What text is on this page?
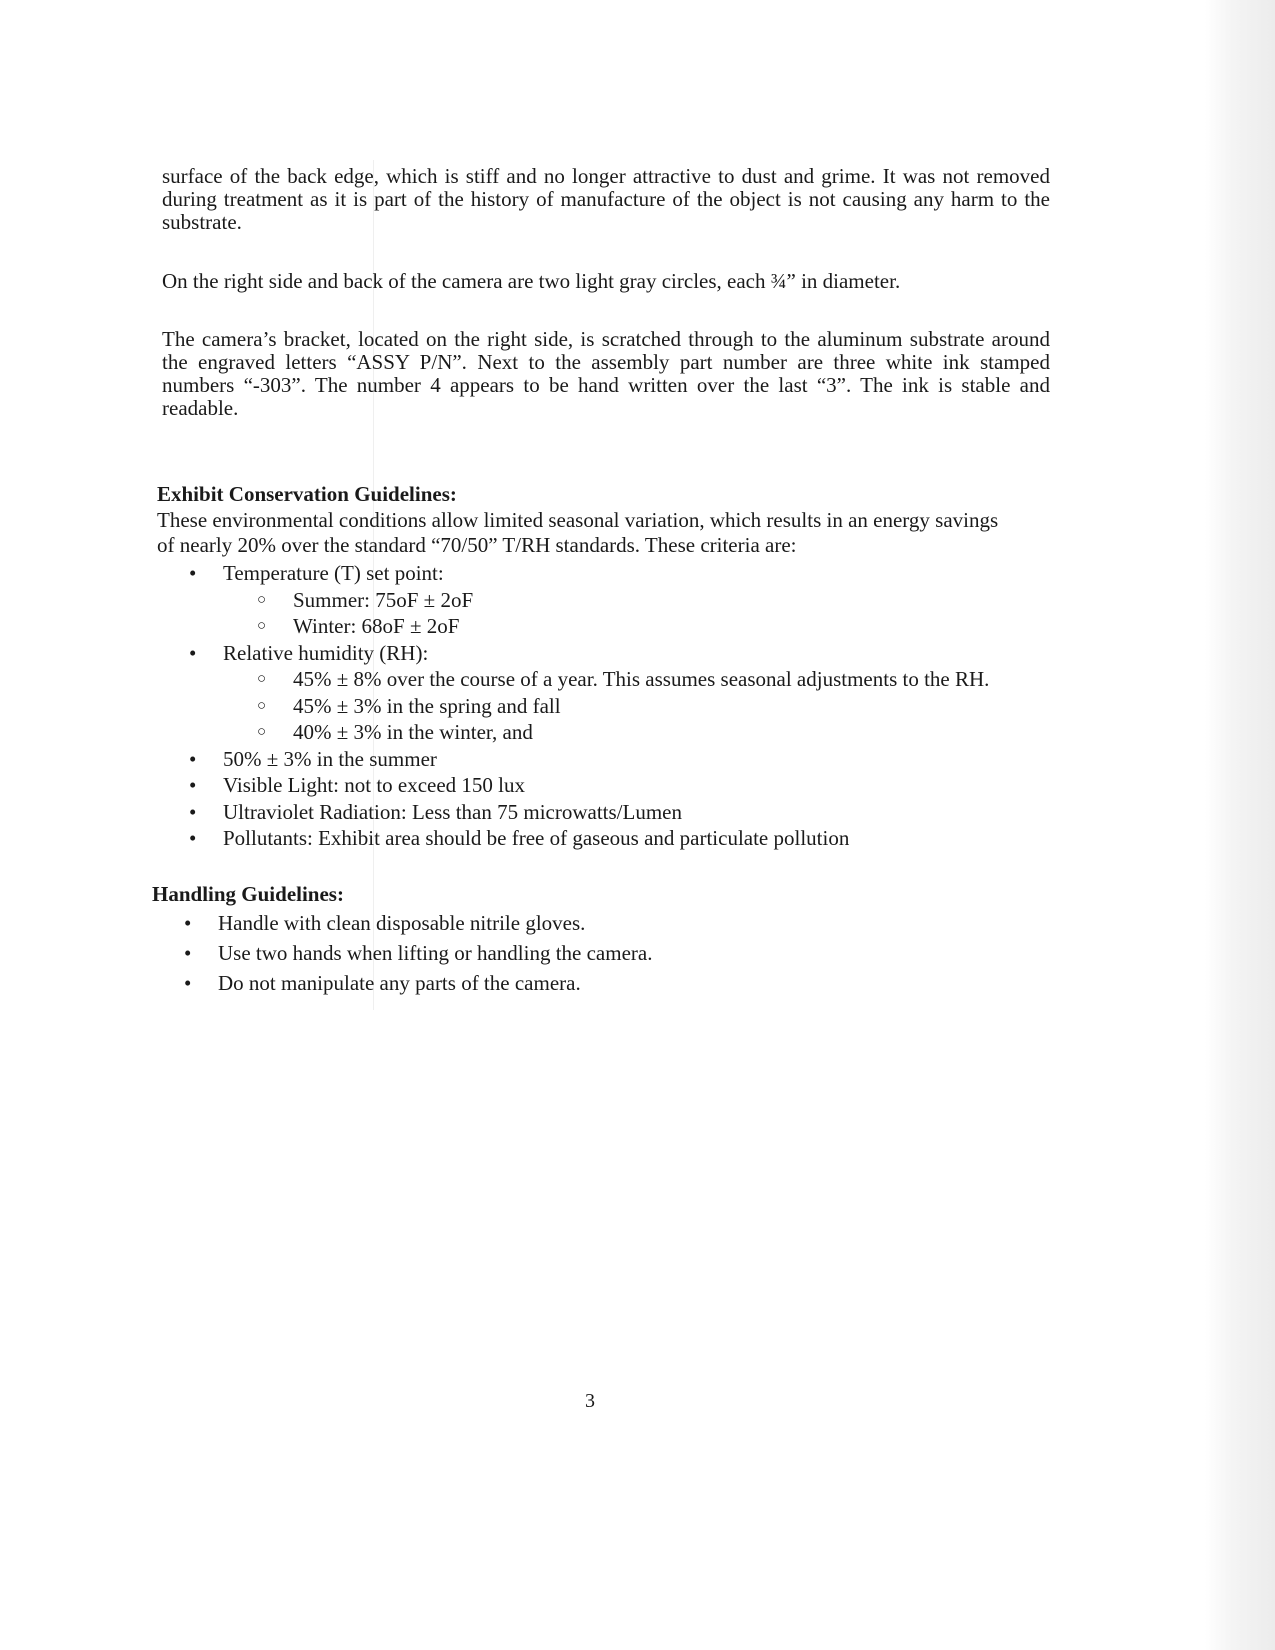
surface of the back edge, which is stiff and no longer attractive to dust and grime. It was not removed during treatment as it is part of the history of manufacture of the object is not causing any harm to the substrate.
On the right side and back of the camera are two light gray circles, each ¾” in diameter.
The camera’s bracket, located on the right side, is scratched through to the aluminum substrate around the engraved letters “ASSY P/N”. Next to the assembly part number are three white ink stamped numbers “-303”. The number 4 appears to be hand written over the last “3”. The ink is stable and readable.
Exhibit Conservation Guidelines:
These environmental conditions allow limited seasonal variation, which results in an energy savings of nearly 20% over the standard “70/50” T/RH standards. These criteria are:
• Temperature (T) set point:
○ Summer: 75oF ± 2oF
○ Winter: 68oF ± 2oF
• Relative humidity (RH):
○ 45% ± 8% over the course of a year. This assumes seasonal adjustments to the RH.
○ 45% ± 3% in the spring and fall
○ 40% ± 3% in the winter, and
• 50% ± 3% in the summer
• Visible Light: not to exceed 150 lux
• Ultraviolet Radiation: Less than 75 microwatts/Lumen
• Pollutants: Exhibit area should be free of gaseous and particulate pollution
Handling Guidelines:
• Handle with clean disposable nitrile gloves.
• Use two hands when lifting or handling the camera.
• Do not manipulate any parts of the camera.
3
